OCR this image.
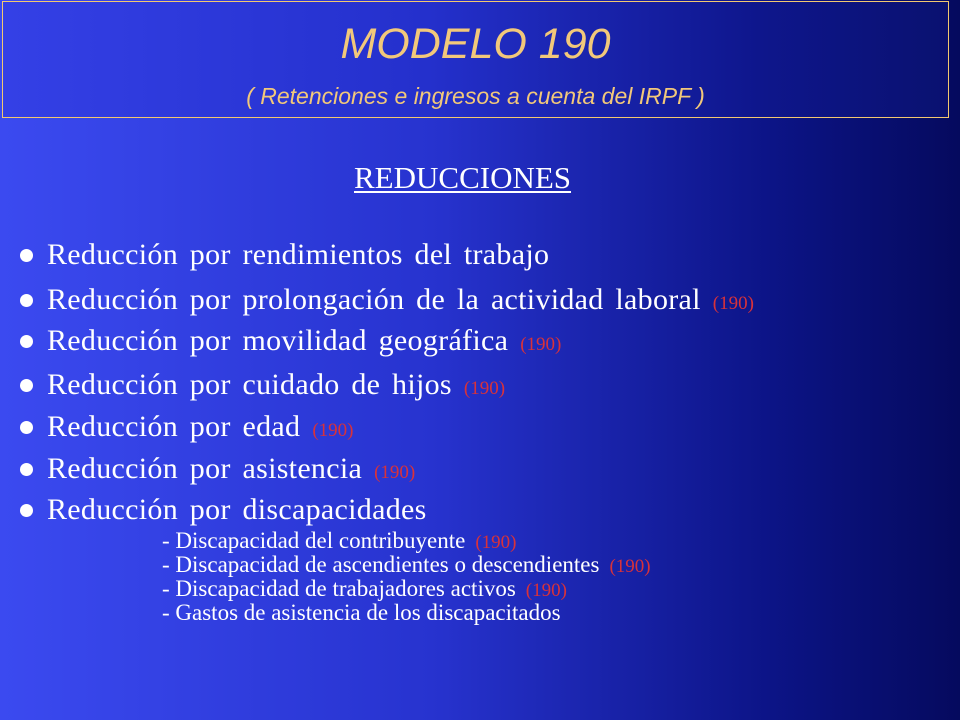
MODELO 190
( Retenciones e ingresos a cuenta del IRPF )
REDUCCIONES
Reducción por rendimientos del trabajo
Reducción por prolongación de la actividad laboral (190)
Reducción por movilidad geográfica (190)
Reducción por cuidado de hijos (190)
Reducción por edad (190)
Reducción por asistencia (190)
Reducción por discapacidades
- Discapacidad del contribuyente (190)
- Discapacidad de ascendientes o descendientes (190)
- Discapacidad de trabajadores activos (190)
- Gastos de asistencia de los discapacitados
